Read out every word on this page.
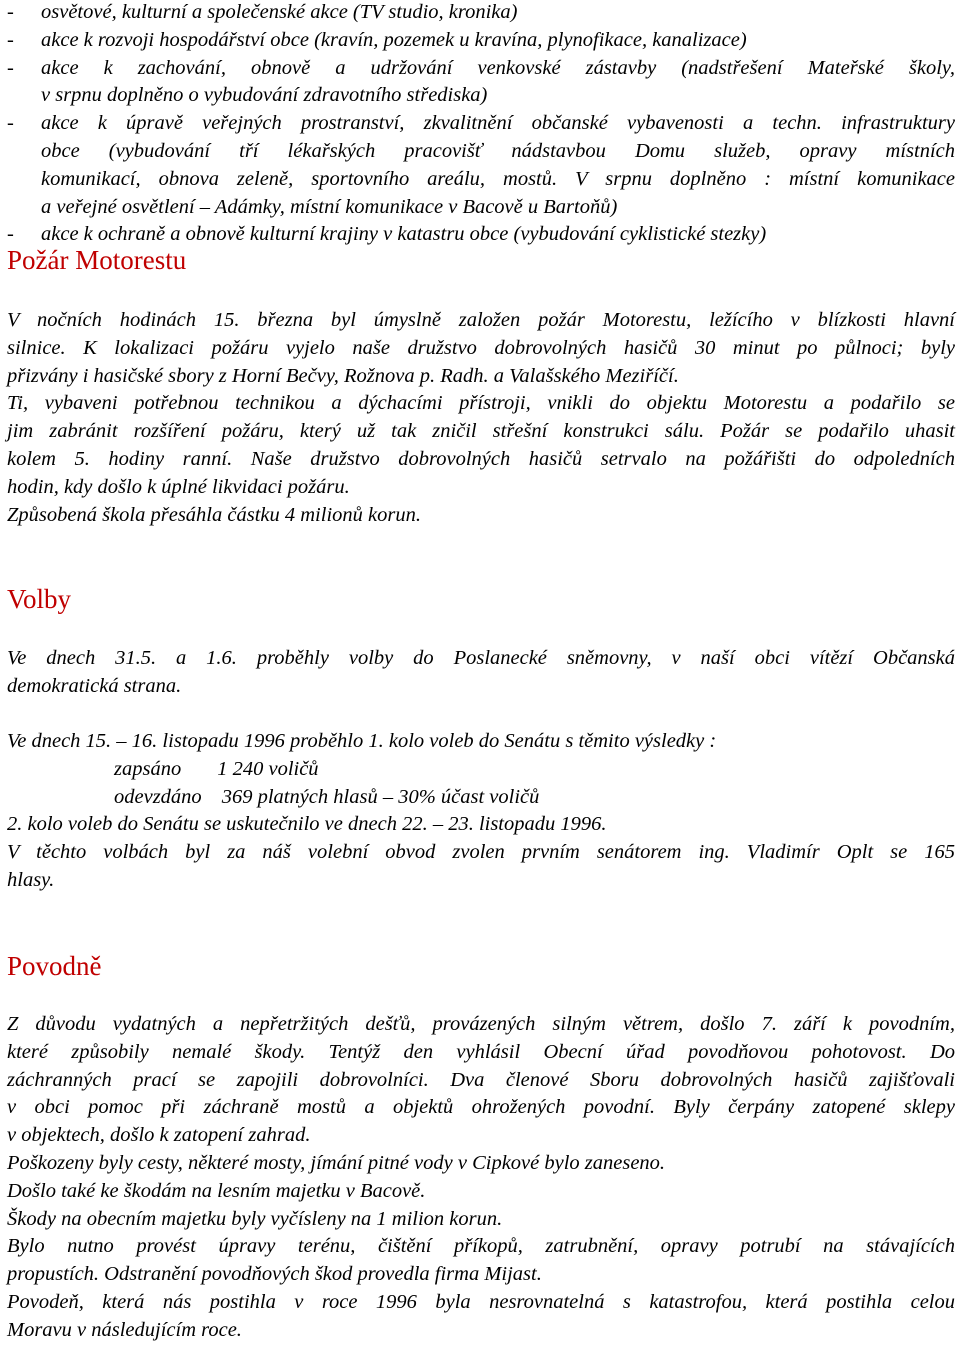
- osvětové, kulturní a společenské akce (TV studio, kronika)
- akce k rozvoji hospodářství obce (kravín, pozemek u kravína, plynofikace, kanalizace)
- akce k zachování, obnově a udržování venkovské zástavby (nadstřešení Mateřské školy,
v srpnu doplněno o vybudování zdravotního střediska)
- akce k úpravě veřejných prostranství, zkvalitnění občanské vybavenosti a techn. infrastruktury
obce (vybudování tří lékařských pracovišť nádstavbou Domu služeb, opravy místních
komunikací, obnova zeleně, sportovního areálu, mostů. V srpnu doplněno : místní komunikace
a veřejné osvětlení – Adámky, místní komunikace v Bacově u Bartoňů)
- akce k ochraně a obnově kulturní krajiny v katastru obce (vybudování cyklistické stezky)
Požár Motorestu
V nočních hodinách 15. března byl úmyslně založen požár Motorestu, ležícího v blízkosti hlavní
silnice. K lokalizaci požáru vyjelo naše družstvo dobrovolných hasičů 30 minut po půlnoci; byly
přizvány i hasičské sbory z Horní Bečvy, Rožnova p. Radh. a Valašského Meziříčí.
Ti, vybaveni potřebnou technikou a dýchacími přístroji, vnikli do objektu Motorestu a podařilo se
jim zabránit rozšíření požáru, který už tak zničil střešní konstrukci sálu. Požár se podařilo uhasit
kolem 5. hodiny ranní. Naše družstvo dobrovolných hasičů setrvalo na požářišti do odpoledních
hodin, kdy došlo k úplné likvidaci požáru.
Způsobená škola přesáhla částku 4 milionů korun.
Volby
Ve dnech 31.5. a 1.6. proběhly volby do Poslanecké sněmovny, v naší obci vítězí Občanská
demokratická strana.
Ve dnech 15. – 16. listopadu 1996 proběhlo 1. kolo voleb do Senátu s těmito výsledky :
zapsáno 1 240 voličů
odevzdáno 369 platných hlasů – 30% účast voličů
2. kolo voleb do Senátu se uskutečnilo ve dnech 22. – 23. listopadu 1996.
V těchto volbách byl za náš volební obvod zvolen prvním senátorem ing. Vladimír Oplt se 165
hlasy.
Povodně
Z důvodu vydatných a nepřetržitých dešťů, provázených silným větrem, došlo 7. září k povodním,
které způsobily nemalé škody. Tentýž den vyhlásil Obecní úřad povodňovou pohotovost. Do
záchranných prací se zapojili dobrovolníci. Dva členové Sboru dobrovolných hasičů zajišťovali
v obci pomoc při záchraně mostů a objektů ohrožených povodní. Byly čerpány zatopené sklepy
v objektech, došlo k zatopení zahrad.
Poškozeny byly cesty, některé mosty, jímání pitné vody v Cipkové bylo zaneseno.
Došlo také ke škodám na lesním majetku v Bacově.
Škody na obecním majetku byly vyčísleny na 1 milion korun.
Bylo nutno provést úpravy terénu, čištění příkopů, zatrubnění, opravy potrubí na stávajících
propustích. Odstranění povodňových škod provedla firma Mijast.
Povodeň, která nás postihla v roce 1996 byla nesrovnatelná s katastrofou, která postihla celou
Moravu v následujícím roce.
